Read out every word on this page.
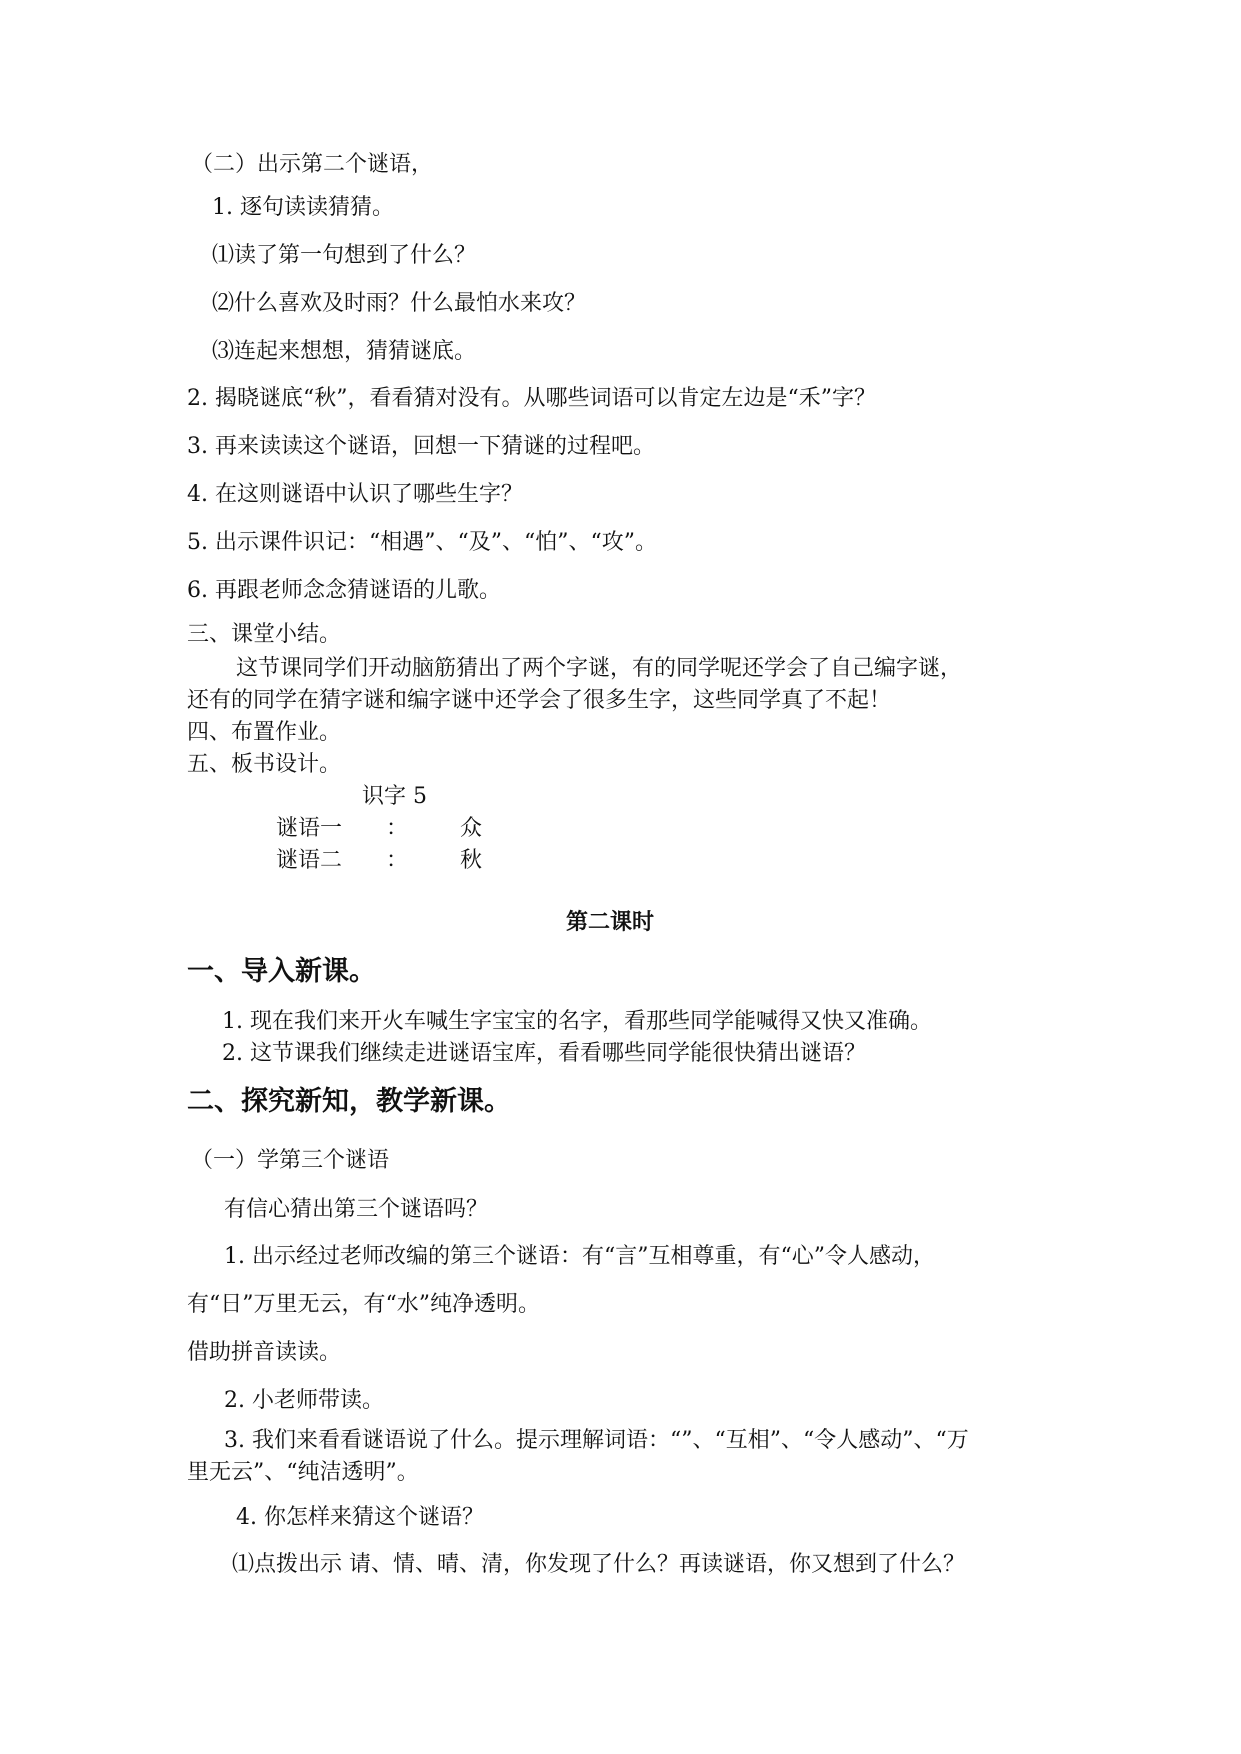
（二）出示第二个谜语，
1. 逐句读读猜猜。
⑴读了第一句想到了什么？
⑵什么喜欢及时雨？什么最怕水来攻？
⑶连起来想想，猜猜谜底。
2. 揭晓谜底“秋”，看看猜对没有。从哪些词语可以肯定左边是“禾”字？
3. 再来读读这个谜语，回想一下猜谜的过程吧。
4. 在这则谜语中认识了哪些生字？
5. 出示课件识记：“相遇”、“及”、“怕”、“攻”。
6. 再跟老师念念猜谜语的儿歌。
三、课堂小结。
这节课同学们开动脑筋猜出了两个字谜，有的同学呢还学会了自己编字谜，
还有的同学在猜字谜和编字谜中还学会了很多生字，这些同学真了不起！
四、布置作业。
五、板书设计。
识字 5
谜语一 ： 众
谜语二 ： 秋
第二课时
一、导入新课。
1. 现在我们来开火车喊生字宝宝的名字，看那些同学能喊得又快又准确。
2. 这节课我们继续走进谜语宝库，看看哪些同学能很快猜出谜语？
二、探究新知，教学新课。
（一）学第三个谜语
有信心猜出第三个谜语吗？
1. 出示经过老师改编的第三个谜语：有“言”互相尊重，有“心”令人感动，
有“日”万里无云，有“水”纯净透明。
借助拼音读读。
2. 小老师带读。
3. 我们来看看谜语说了什么。提示理解词语：“”、“互相”、“令人感动”、“万
里无云”、“纯洁透明”。
4. 你怎样来猜这个谜语？
⑴点拨出示 请、情、晴、清，你发现了什么？再读谜语，你又想到了什么？
